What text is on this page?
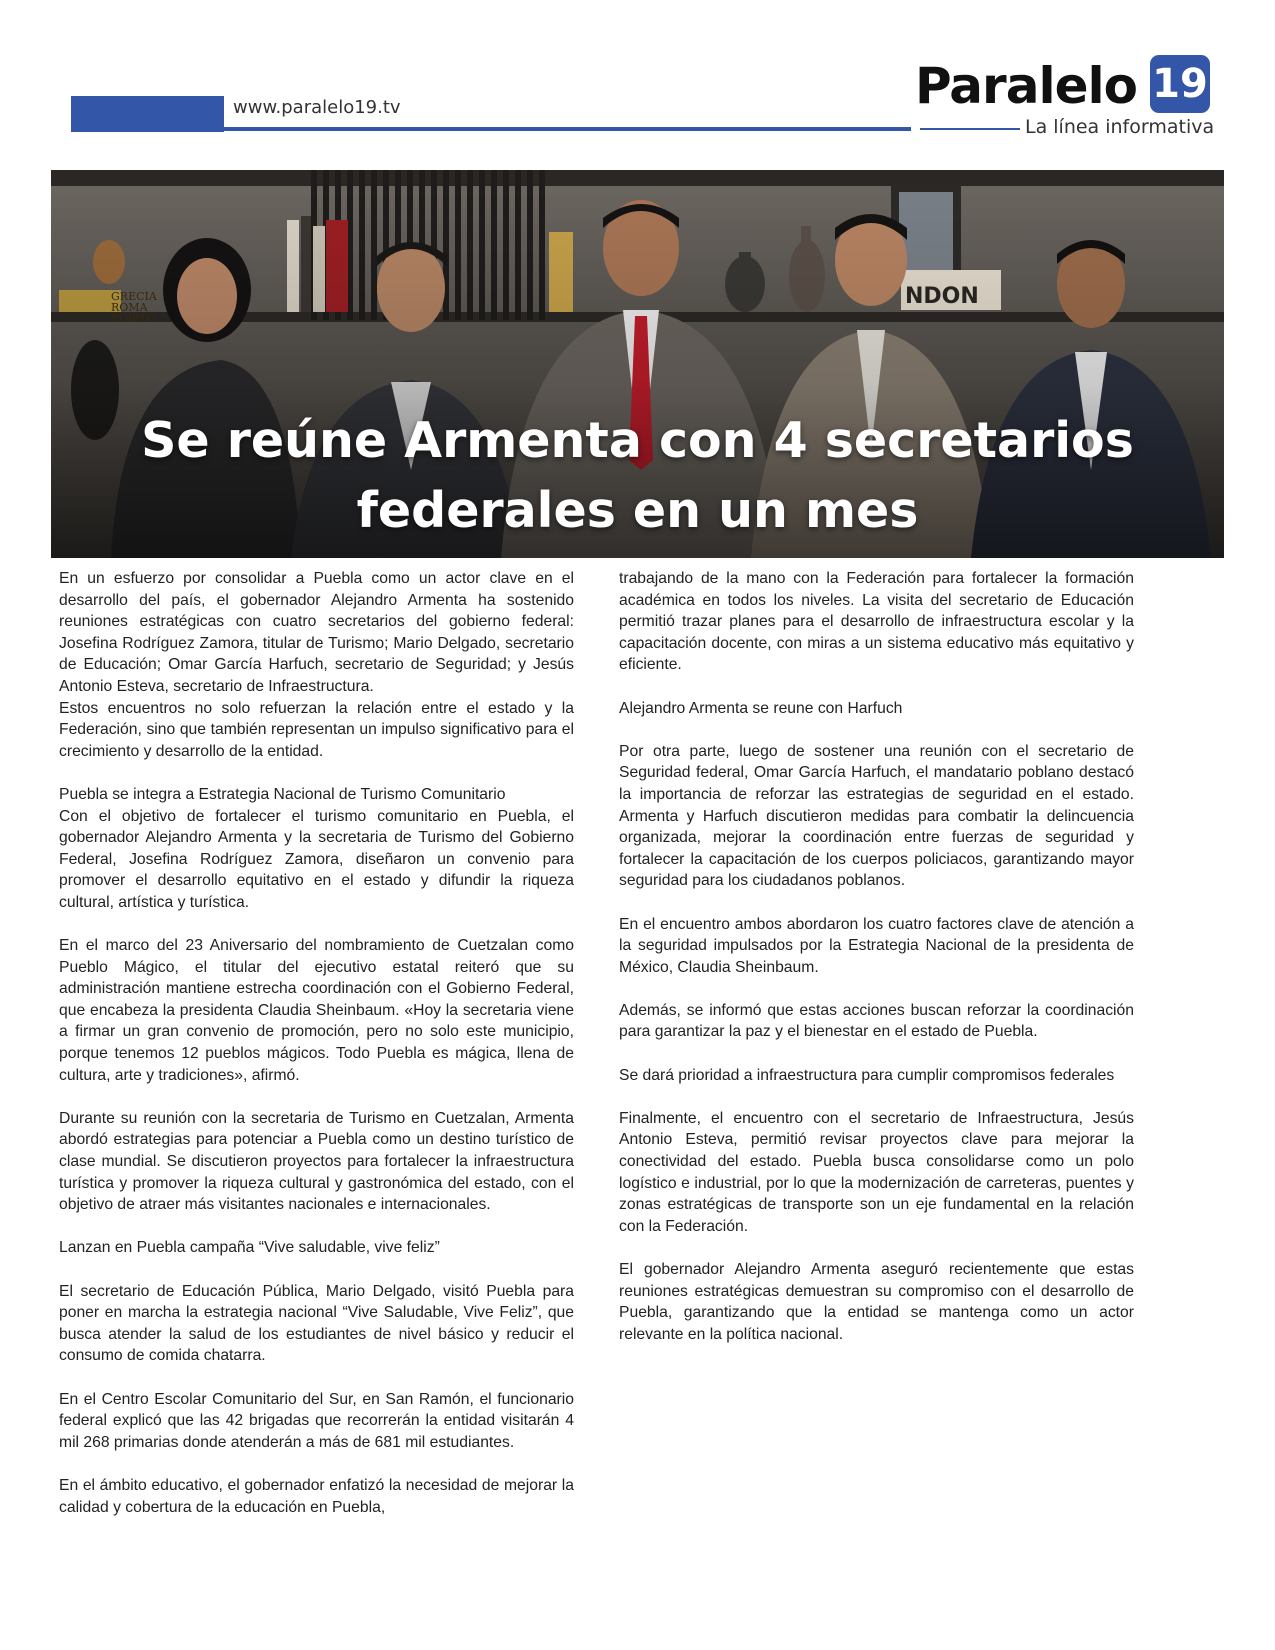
www.paralelo19.tv	Paralelo 19
La línea informativa
Se reúne Armenta con 4 secretarios
federales en un mes

En un esfuerzo por consolidar a Puebla como un actor clave en el desarrollo del país, el gobernador Alejandro Armenta ha sostenido reuniones estratégicas con cuatro secretarios del gobierno federal: Josefina Rodríguez Zamora, titular de Turismo; Mario Delgado, secretario de Educación; Omar García Harfuch, secretario de Seguridad; y Jesús Antonio Esteva, secretario de Infraestructura.

Estos encuentros no solo refuerzan la relación entre el estado y la Federación, sino que también representan un impulso significativo para el crecimiento y desarrollo de la entidad.

Puebla se integra a Estrategia Nacional de Turismo Comunitario

Con el objetivo de fortalecer el turismo comunitario en Puebla, el gobernador Alejandro Armenta y la secretaria de Turismo del Gobierno Federal, Josefina Rodríguez Zamora, diseñaron un convenio para promover el desarrollo equitativo en el estado y difundir la riqueza cultural, artística y turística.

En el marco del 23 Aniversario del nombramiento de Cuetzalan como Pueblo Mágico, el titular del ejecutivo estatal reiteró que su administración mantiene estrecha coordinación con el Gobierno Federal, que encabeza la presidenta Claudia Sheinbaum. «Hoy la secretaria viene a firmar un gran convenio de promoción, pero no solo este municipio, porque tenemos 12 pueblos mágicos. Todo Puebla es mágica, llena de cultura, arte y tradiciones», afirmó.

Durante su reunión con la secretaria de Turismo en Cuetzalan, Armenta abordó estrategias para potenciar a Puebla como un destino turístico de clase mundial. Se discutieron proyectos para fortalecer la infraestructura turística y promover la riqueza cultural y gastronómica del estado, con el objetivo de atraer más visitantes nacionales e internacionales.

Lanzan en Puebla campaña “Vive saludable, vive feliz”

El secretario de Educación Pública, Mario Delgado, visitó Puebla para poner en marcha la estrategia nacional “Vive Saludable, Vive Feliz”, que busca atender la salud de los estudiantes de nivel básico y reducir el consumo de comida chatarra.

En el Centro Escolar Comunitario del Sur, en San Ramón, el funcionario federal explicó que las 42 brigadas que recorrerán la entidad visitarán 4 mil 268 primarias donde atenderán a más de 681 mil estudiantes.

En el ámbito educativo, el gobernador enfatizó la necesidad de mejorar la calidad y cobertura de la educación en Puebla,

trabajando de la mano con la Federación para fortalecer la formación académica en todos los niveles. La visita del secretario de Educación permitió trazar planes para el desarrollo de infraestructura escolar y la capacitación docente, con miras a un sistema educativo más equitativo y eficiente.

Alejandro Armenta se reune con Harfuch

Por otra parte, luego de sostener una reunión con el secretario de Seguridad federal, Omar García Harfuch, el mandatario poblano destacó la importancia de reforzar las estrategias de seguridad en el estado. Armenta y Harfuch discutieron medidas para combatir la delincuencia organizada, mejorar la coordinación entre fuerzas de seguridad y fortalecer la capacitación de los cuerpos policiacos, garantizando mayor seguridad para los ciudadanos poblanos.

En el encuentro ambos abordaron los cuatro factores clave de atención a la seguridad impulsados por la Estrategia Nacional de la presidenta de México, Claudia Sheinbaum.

Además, se informó que estas acciones buscan reforzar la coordinación para garantizar la paz y el bienestar en el estado de Puebla.

Se dará prioridad a infraestructura para cumplir compromisos federales

Finalmente, el encuentro con el secretario de Infraestructura, Jesús Antonio Esteva, permitió revisar proyectos clave para mejorar la conectividad del estado. Puebla busca consolidarse como un polo logístico e industrial, por lo que la modernización de carreteras, puentes y zonas estratégicas de transporte son un eje fundamental en la relación con la Federación.

El gobernador Alejandro Armenta aseguró recientemente que estas reuniones estratégicas demuestran su compromiso con el desarrollo de Puebla, garantizando que la entidad se mantenga como un actor relevante en la política nacional.
